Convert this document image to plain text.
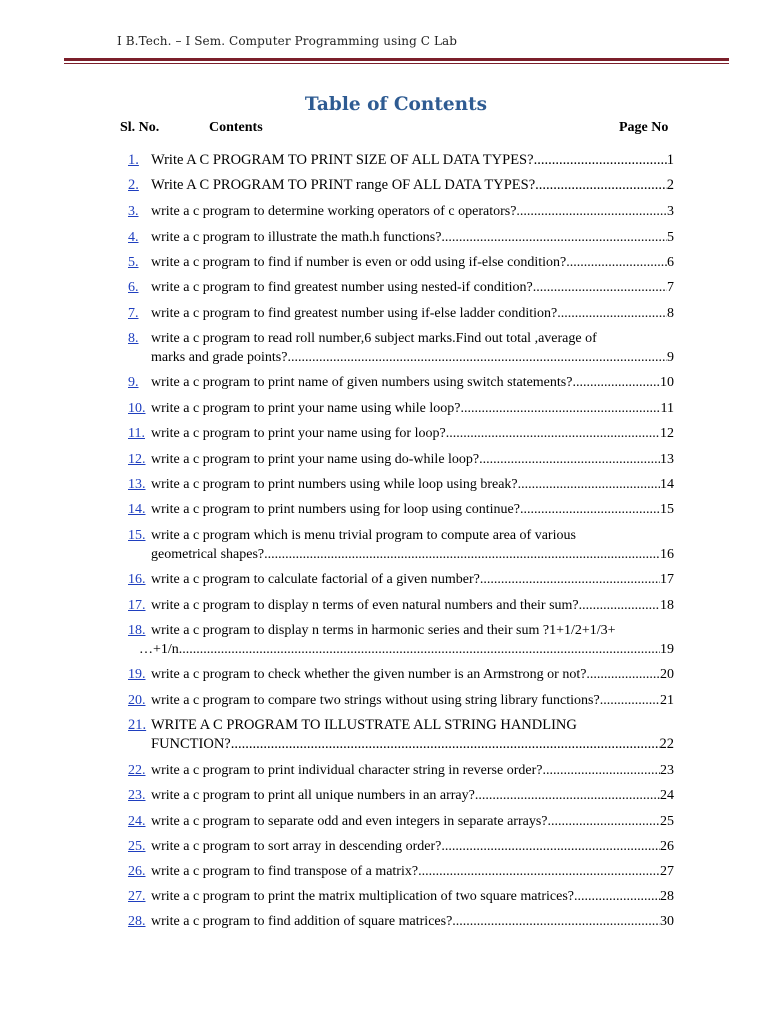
I B.Tech. – I Sem. Computer Programming using C Lab
Table of Contents
Sl. No.	Contents	Page No
1. Write A C PROGRAM TO PRINT SIZE OF ALL DATA TYPES? .....	1
2. Write A C PROGRAM TO PRINT range OF ALL DATA TYPES? .....	2
3. write a c program to determine working operators of c operators? .....	3
4. write a c program to illustrate the math.h functions? .....	5
5. write a c program to find if number is even or odd using if-else condition? .....	6
6. write a c program to find greatest number using nested-if condition? .....	7
7. write a c program to find greatest number using if-else ladder condition? .....	8
8. write a c program to read roll number,6 subject marks.Find out total ,average of
marks and grade points? .....	9
9. write a c program to print name of given numbers using switch statements? .....	10
10. write a c program to print your name using while loop? .....	11
11. write a c program to print your name using for loop? .....	12
12. write a c program to print your name using do-while loop? .....	13
13. write a c program to print numbers using while loop using break? .....	14
14. write a c program to print numbers using for loop using continue? .....	15
15. write a c program which is menu trivial program to compute area of various
geometrical shapes? .....	16
16. write a c program to calculate factorial of a given number? .....	17
17. write a c program to display n terms of even natural numbers and their sum? .....	18
18. write a c program to display n terms in harmonic series and their sum ?1+1/2+1/3+
…+1/n .....	19
19. write a c program to check whether the given number is an Armstrong or not? .....	20
20. write a c program to compare two strings without using string library functions? .....	21
21. WRITE A C PROGRAM TO ILLUSTRATE ALL STRING HANDLING
FUNCTION? .....	22
22. write a c program to print individual character string in reverse order? .....	23
23. write a c program to print all unique numbers in an array? .....	24
24. write a c program to separate odd and even integers in separate arrays? .....	25
25. write a c program to sort array in descending order? .....	26
26. write a c program to find transpose of a matrix? .....	27
27. write a c program to print the matrix multiplication of two square matrices? .....	28
28. write a c program to find addition of square matrices? .....	30
